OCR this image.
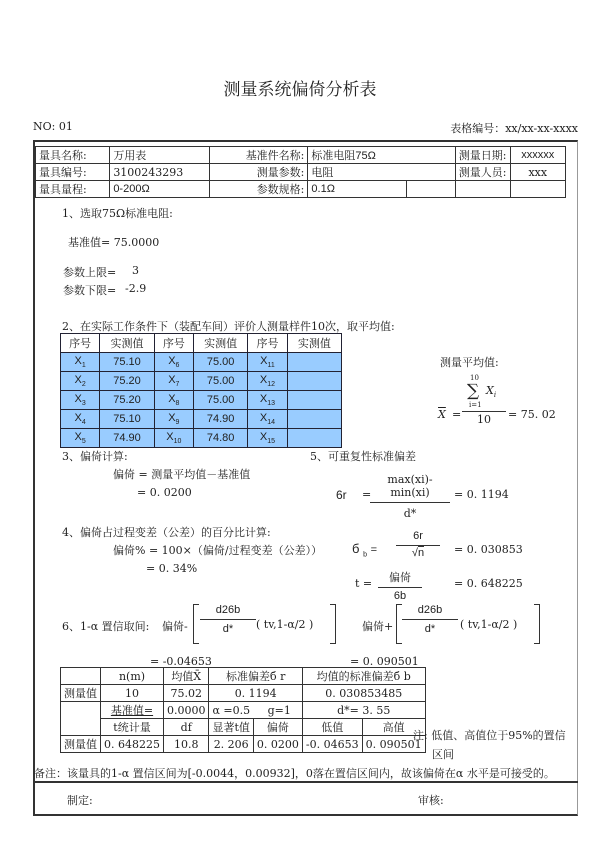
测量系统偏倚分析表
NO: 01	表格编号：xx/xx-xx-xxxx
量具名称:	万用表	基准件名称:	标准电阻75Ω		测量日期:	xxxxxx
量具编号:	3100243293	测量参数:	电阻		测量人员:	xxx
量具量程:	0-200Ω	参数规格:	0.1Ω			
1、选取75Ω标准电阻:
基准值= 75.0000
参数上限= 3
参数下限= -2.9
2、在实际工作条件下（装配车间）评价人测量样件10次，取平均值:
序号	实测值	序号	实测值	序号	实测值
$X_1$	75.10	$X_6$	75.00	$X_{11}$	
$X_2$	75.20	$X_7$	75.00	$X_{12}$	
$X_3$	75.20	$X_8$	75.00	$X_{13}$	
$X_4$	75.10	$X_9$	74.90	$X_{14}$	
$X_5$	74.90	$X_{10}$	74.80	$X_{15}$	
测量平均值:
$\overline{X}$ =
10
∑ $X_i$
i=1
10	= 75. 02
3、偏倚计算:
偏倚 = 测量平均值－基准值
= 0. 0200
5、可重复性标准偏差
6r =
max(xi)-min(xi)
d*
= 0. 1194
4、偏倚占过程变差（公差）的百分比计算:
偏倚% = 100×（偏倚/过程变差（公差））
= 0. 34%
б $_b$ =
6r
√n	= 0. 030853
t =	偏倚
6b
= 0. 648225
6、1-α 置信取间: 偏倚-
d26b
d*	( tv,1-α/2 )	偏倚+
d26b
d*	( tv,1-α/2 )
= -0.04653	= 0. 090501
	n(m)	均值X̄	标准偏差б r		均值的标准偏差б b	
测量值	10	75.02	0. 1194		0. 030853485	
	基准值=	0.0000	α =0.5 g=1		d*= 3. 55	
	t统计量	df	显著t值	偏倚	低值	高值
测量值	0. 648225	10.8	2. 206	0. 0200	-0. 04653	0. 090501
注: 低值、高值位于95%的置信
区间
备注：该量具的1-α 置信区间为[-0.0044，0.00932]，0落在置信区间内，故该偏倚在α 水平是可接受的。
制定:	审核:
